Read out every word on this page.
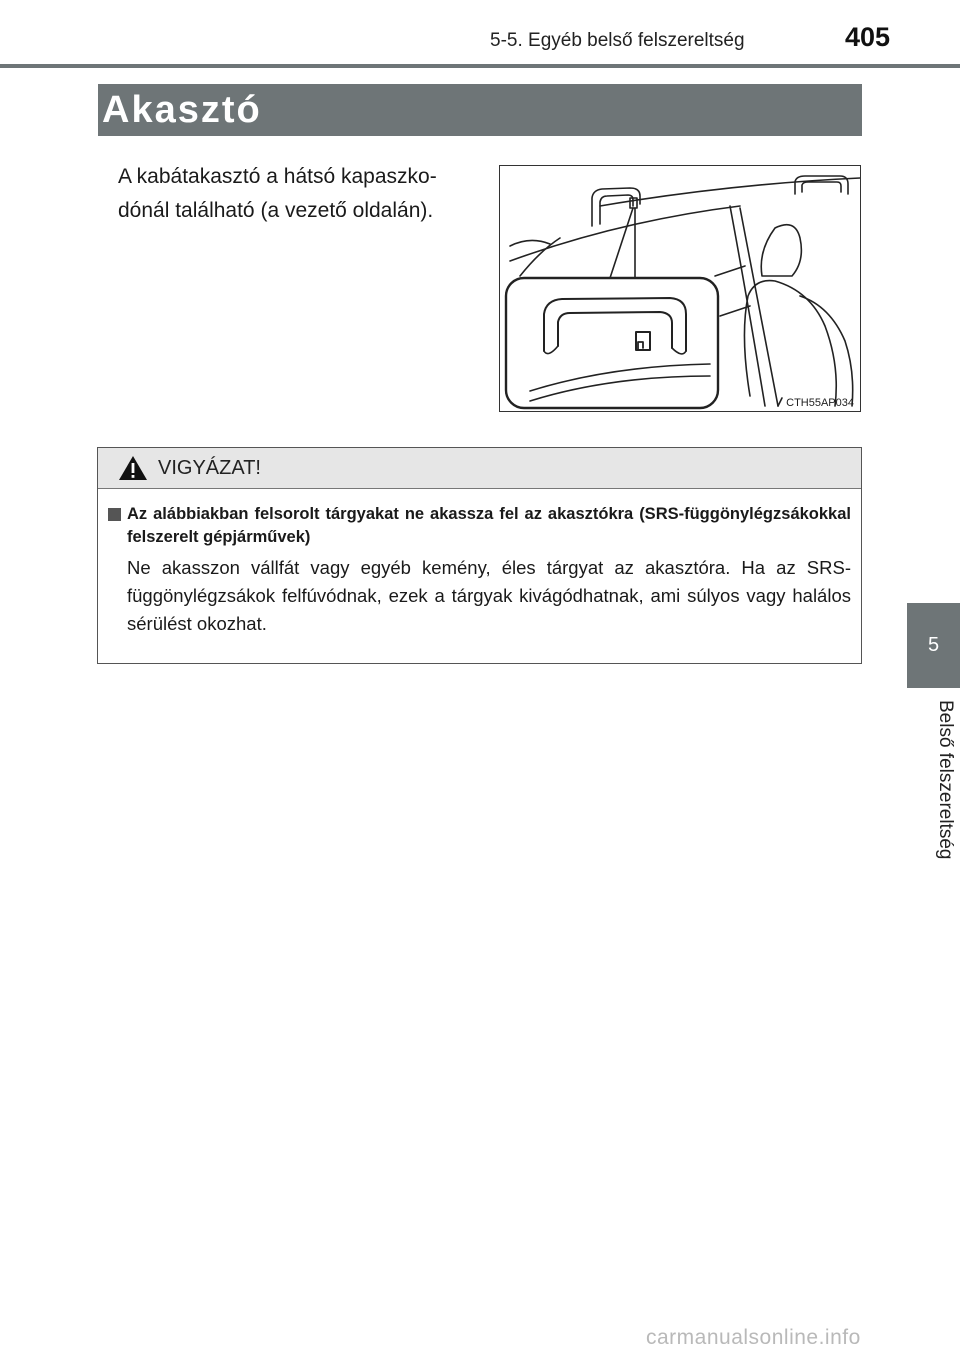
5-5. Egyéb belső felszereltség	405
Akasztó
A kabátakasztó a hátsó kapaszko-dónál található (a vezető oldalán).
CTH55AP034
VIGYÁZAT!
Az alábbiakban felsorolt tárgyakat ne akassza fel az akasztókra (SRS-függönylégzsákokkal felszerelt gépjárművek)
Ne akasszon vállfát vagy egyéb kemény, éles tárgyat az akasztóra. Ha az SRS-függönylégzsákok felfúvódnak, ezek a tárgyak kivágódhatnak, ami súlyos vagy halálos sérülést okozhat.
5
Belső felszereltség
carmanualsonline.info
